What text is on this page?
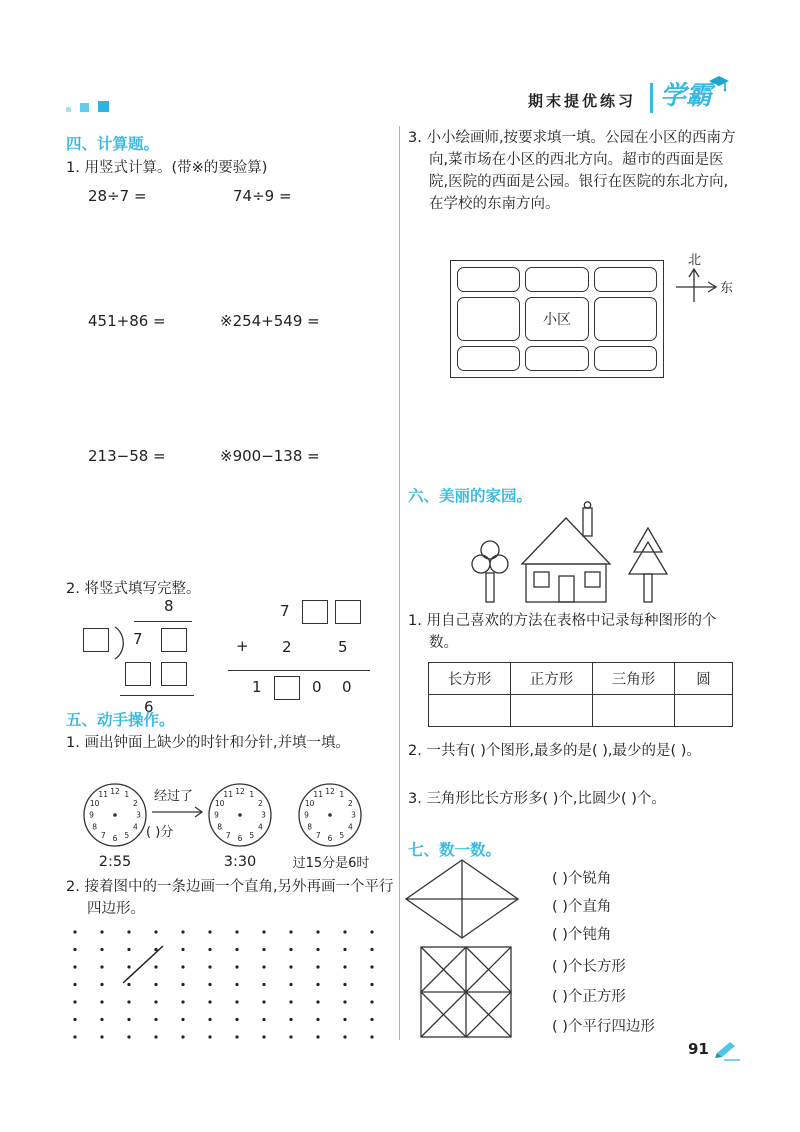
期末提优练习 学霸
四、计算题。
1. 用竖式计算。(带※的要验算)
28÷7 =	74÷9 =
451+86 =	※254+549 =
213−58 =	※900−138 =
2. 将竖式填写完整。
8
7
6
7
+ 2	5
1	0 0
五、动手操作。
1. 画出钟面上缺少的时针和分针,并填一填。
1
2
3
4
5
6
7
8
9
10
11 12	经过了
( )分
1
2
3
4
5
6
7
8
9
10
11 12	1
2
3
4
5
6
7
8
9
10
11 12
2:55	3:30	过15分是6时
2. 接着图中的一条边画一个直角,另外再画一个平行四边形。
3. 小小绘画师,按要求填一填。公园在小区的西南方向,菜市场在小区的西北方向。超市的西面是医院,医院的西面是公园。银行在医院的东北方向,在学校的东南方向。
小区
北
东
六、美丽的家园。
1. 用自己喜欢的方法在表格中记录每种图形的个数。
长方形	正方形	三角形	圆

2. 一共有( )个图形,最多的是( ),最少的是( )。
3. 三角形比长方形多( )个,比圆少( )个。
七、数一数。
( )个锐角
( )个直角
( )个钝角
( )个长方形
( )个正方形
( )个平行四边形
91
